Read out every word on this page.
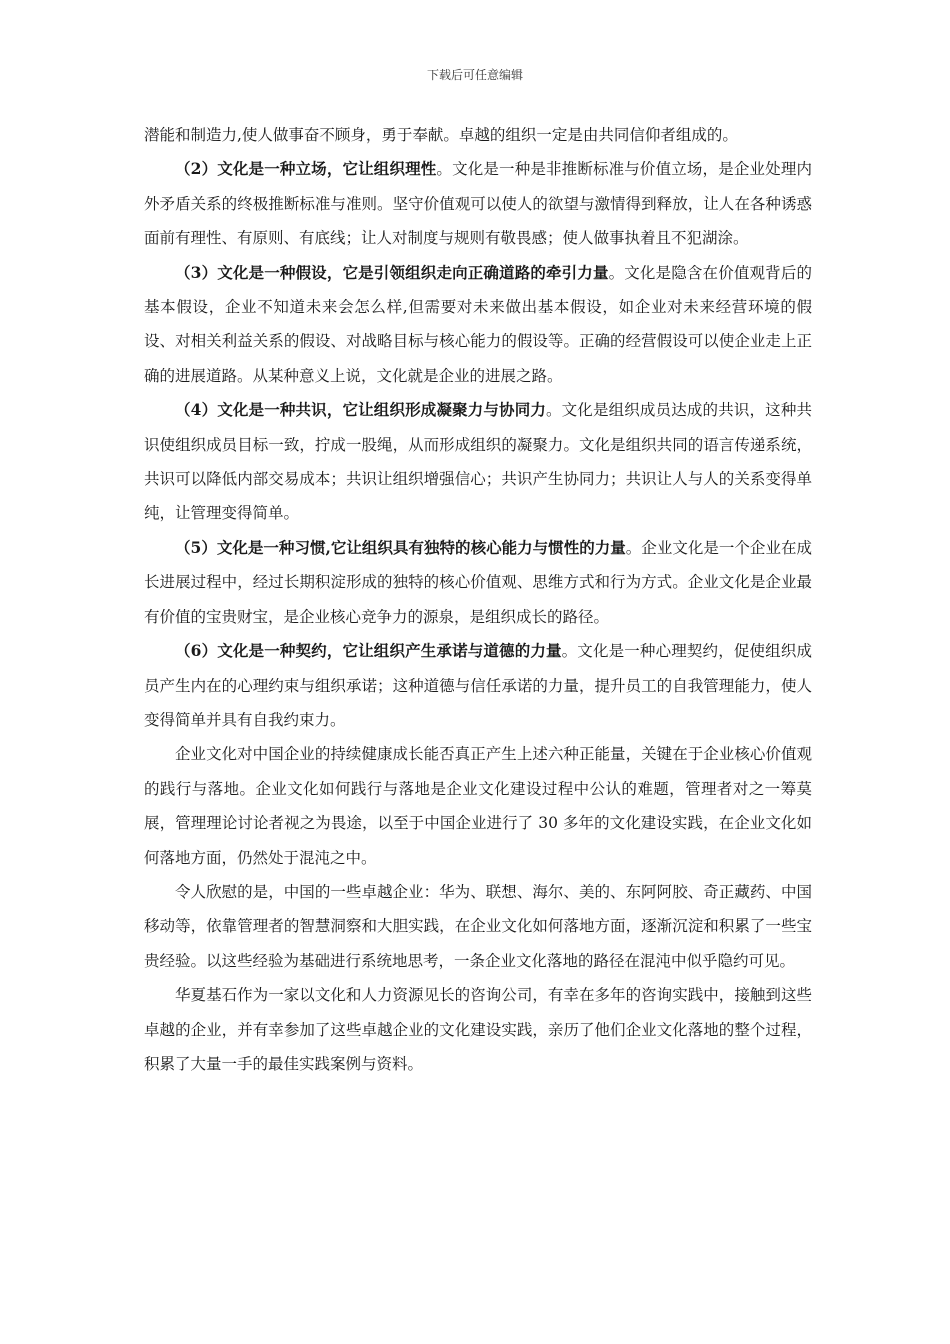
下载后可任意编辑

潜能和制造力,使人做事奋不顾身，勇于奉献。卓越的组织一定是由共同信仰者组成的。

（2）文化是一种立场，它让组织理性。文化是一种是非推断标准与价值立场，是企业处理内外矛盾关系的终极推断标准与准则。坚守价值观可以使人的欲望与激情得到释放，让人在各种诱惑面前有理性、有原则、有底线；让人对制度与规则有敬畏感；使人做事执着且不犯湖涂。

（3）文化是一种假设，它是引领组织走向正确道路的牵引力量。文化是隐含在价值观背后的基本假设，企业不知道未来会怎么样,但需要对未来做出基本假设，如企业对未来经营环境的假设、对相关利益关系的假设、对战略目标与核心能力的假设等。正确的经营假设可以使企业走上正确的进展道路。从某种意义上说，文化就是企业的进展之路。

（4）文化是一种共识，它让组织形成凝聚力与协同力。文化是组织成员达成的共识，这种共识使组织成员目标一致，拧成一股绳，从而形成组织的凝聚力。文化是组织共同的语言传递系统，共识可以降低内部交易成本；共识让组织增强信心；共识产生协同力；共识让人与人的关系变得单纯，让管理变得简单。

（5）文化是一种习惯,它让组织具有独特的核心能力与惯性的力量。企业文化是一个企业在成长进展过程中，经过长期积淀形成的独特的核心价值观、思维方式和行为方式。企业文化是企业最有价值的宝贵财宝，是企业核心竞争力的源泉，是组织成长的路径。

（6）文化是一种契约，它让组织产生承诺与道德的力量。文化是一种心理契约，促使组织成员产生内在的心理约束与组织承诺；这种道德与信任承诺的力量，提升员工的自我管理能力，使人变得简单并具有自我约束力。

企业文化对中国企业的持续健康成长能否真正产生上述六种正能量，关键在于企业核心价值观的践行与落地。企业文化如何践行与落地是企业文化建设过程中公认的难题，管理者对之一筹莫展，管理理论讨论者视之为畏途，以至于中国企业进行了 30 多年的文化建设实践，在企业文化如何落地方面，仍然处于混沌之中。

令人欣慰的是，中国的一些卓越企业：华为、联想、海尔、美的、东阿阿胶、奇正藏药、中国移动等，依靠管理者的智慧洞察和大胆实践，在企业文化如何落地方面，逐渐沉淀和积累了一些宝贵经验。以这些经验为基础进行系统地思考，一条企业文化落地的路径在混沌中似乎隐约可见。

华夏基石作为一家以文化和人力资源见长的咨询公司，有幸在多年的咨询实践中，接触到这些卓越的企业，并有幸参加了这些卓越企业的文化建设实践，亲历了他们企业文化落地的整个过程，积累了大量一手的最佳实践案例与资料。
